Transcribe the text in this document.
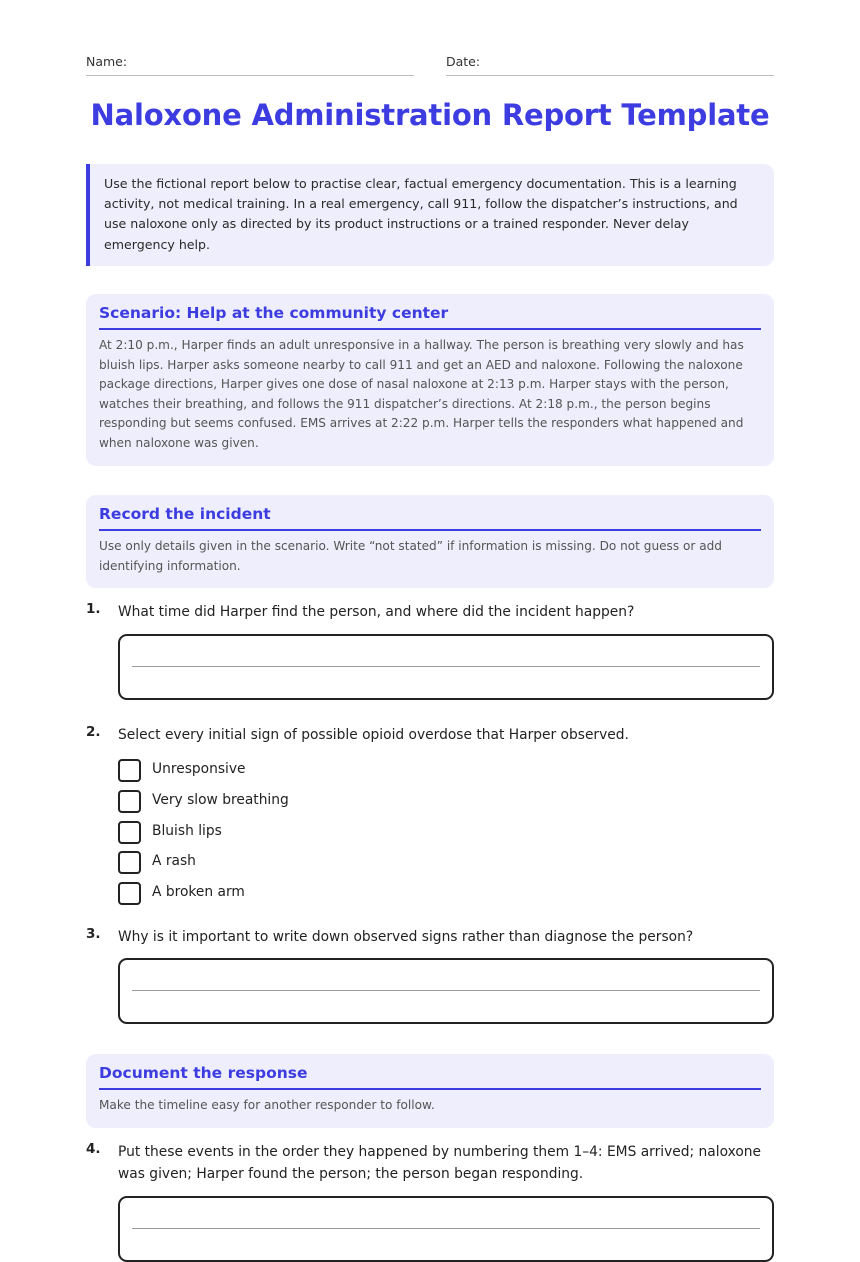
Name:	Date:
Naloxone Administration Report Template
Use the fictional report below to practise clear, factual emergency documentation. This is a learning activity, not medical training. In a real emergency, call 911, follow the dispatcher’s instructions, and use naloxone only as directed by its product instructions or a trained responder. Never delay emergency help.
Scenario: Help at the community center
At 2:10 p.m., Harper finds an adult unresponsive in a hallway. The person is breathing very slowly and has bluish lips. Harper asks someone nearby to call 911 and get an AED and naloxone. Following the naloxone package directions, Harper gives one dose of nasal naloxone at 2:13 p.m. Harper stays with the person, watches their breathing, and follows the 911 dispatcher’s directions. At 2:18 p.m., the person begins responding but seems confused. EMS arrives at 2:22 p.m. Harper tells the responders what happened and when naloxone was given.
Record the incident
Use only details given in the scenario. Write “not stated” if information is missing. Do not guess or add identifying information.
1. What time did Harper find the person, and where did the incident happen?
2. Select every initial sign of possible opioid overdose that Harper observed.
Unresponsive
Very slow breathing
Bluish lips
A rash
A broken arm
3. Why is it important to write down observed signs rather than diagnose the person?
Document the response
Make the timeline easy for another responder to follow.
4. Put these events in the order they happened by numbering them 1–4: EMS arrived; naloxone was given; Harper found the person; the person began responding.
